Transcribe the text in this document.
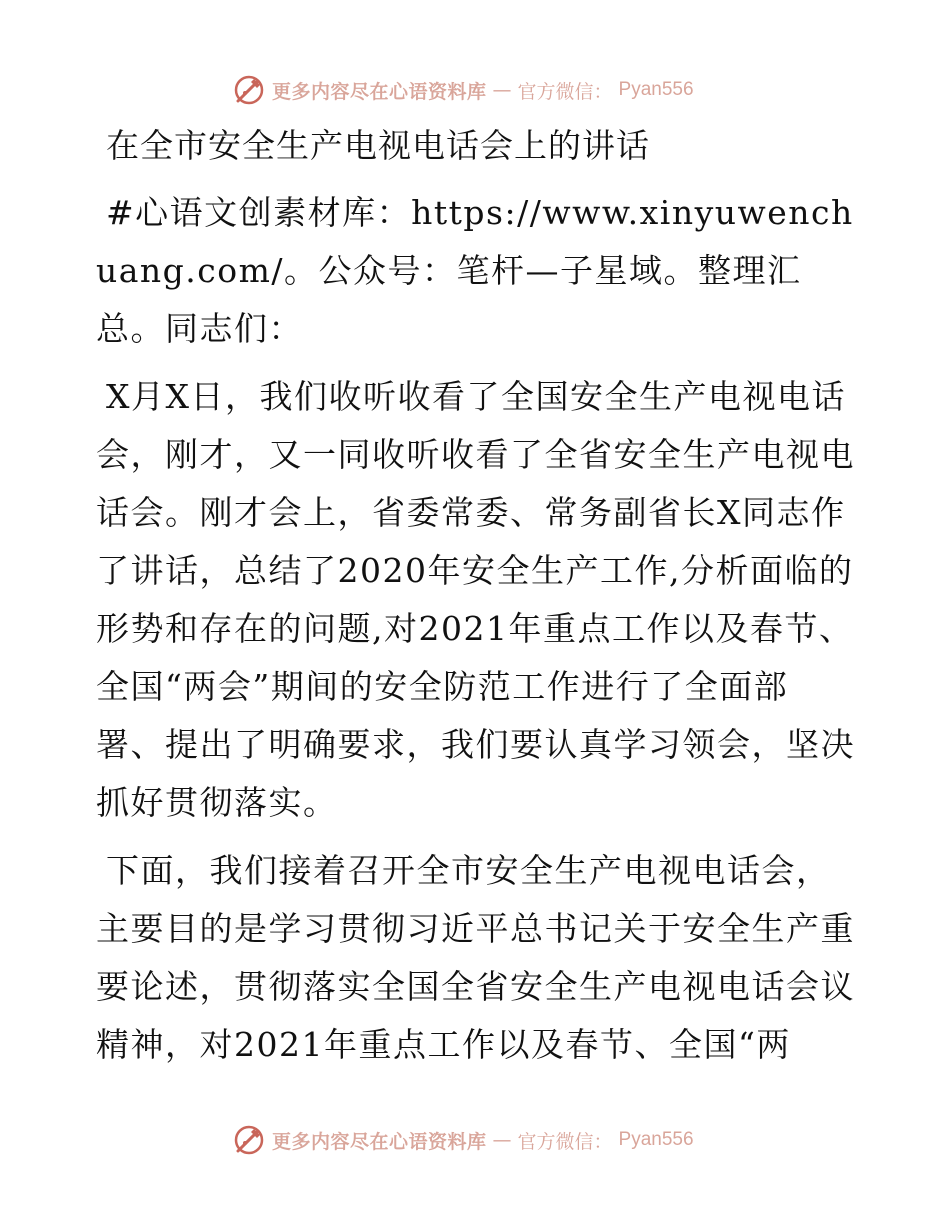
更多内容尽在心语资料库 — 官方微信： Pyan556
在全市安全生产电视电话会上的讲话

#心语文创素材库：https://www.xinyuwenchuang.com/。公众号：笔杆—子星域。整理汇总。同志们：

X月X日，我们收听收看了全国安全生产电视电话会，刚才，又一同收听收看了全省安全生产电视电话会。刚才会上，省委常委、常务副省长X同志作了讲话，总结了2020年安全生产工作,分析面临的形势和存在的问题,对2021年重点工作以及春节、全国“两会”期间的安全防范工作进行了全面部署、提出了明确要求，我们要认真学习领会，坚决抓好贯彻落实。

下面，我们接着召开全市安全生产电视电话会，主要目的是学习贯彻习近平总书记关于安全生产重要论述，贯彻落实全国全省安全生产电视电话会议精神，对2021年重点工作以及春节、全国“两

更多内容尽在心语资料库 — 官方微信： Pyan556
